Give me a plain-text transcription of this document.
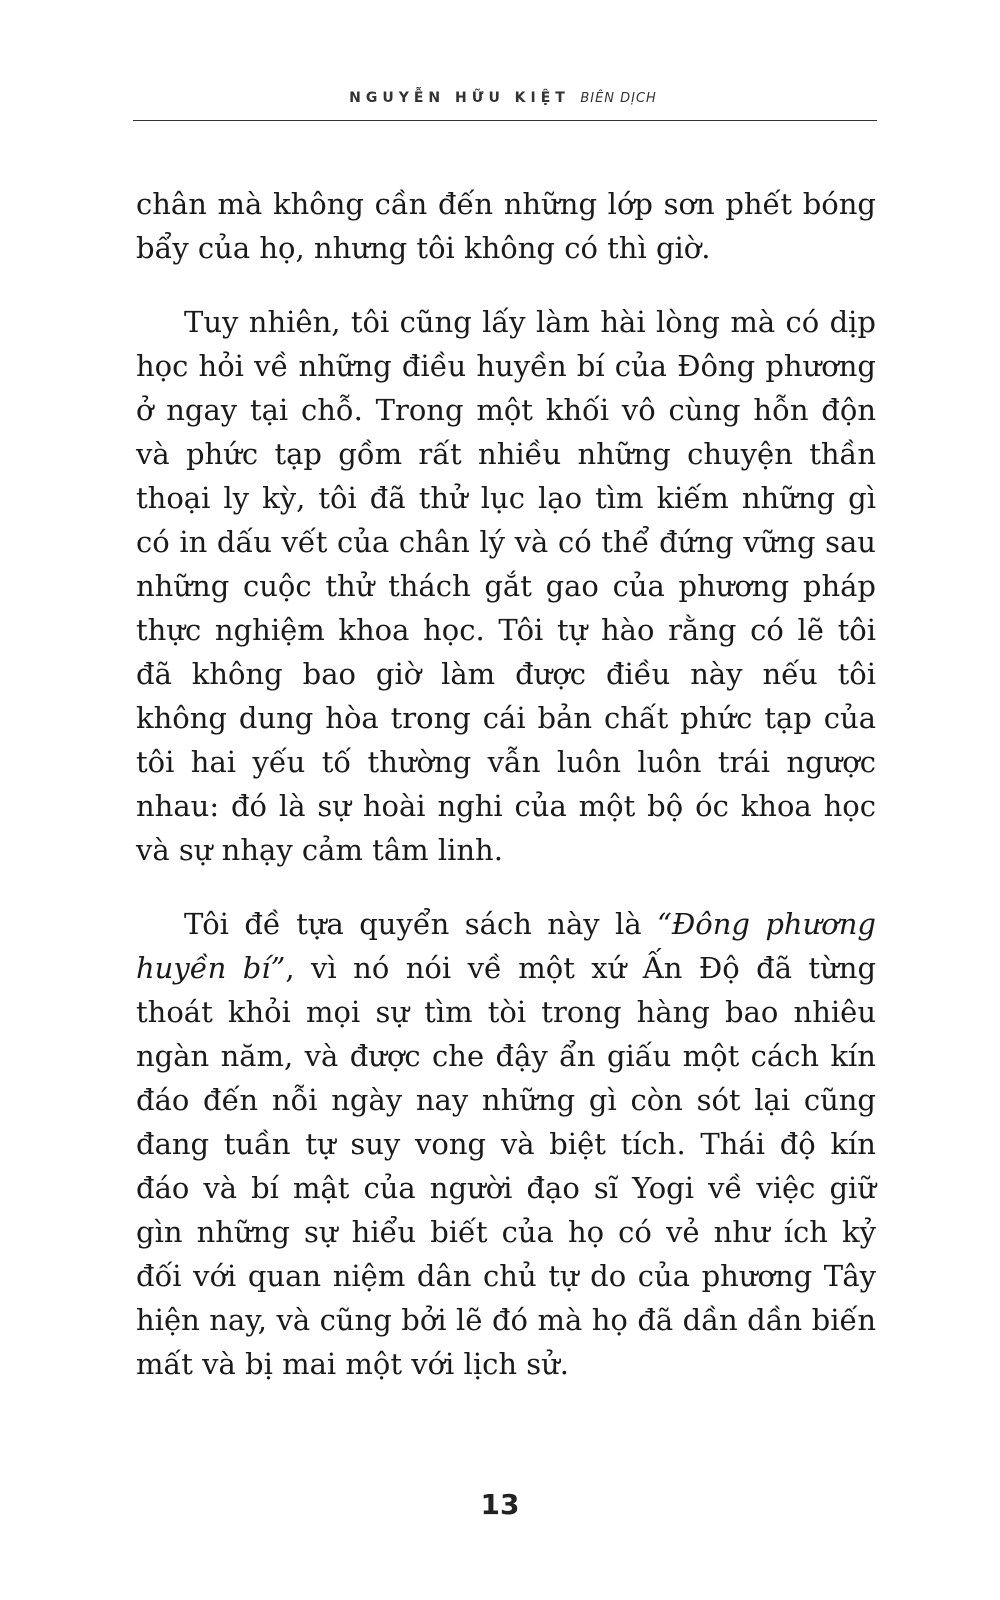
NGUYỄN HỮU KIỆT BIÊN DỊCH

chân mà không cần đến những lớp sơn phết bóng bẩy của họ, nhưng tôi không có thì giờ.

Tuy nhiên, tôi cũng lấy làm hài lòng mà có dịp học hỏi về những điều huyền bí của Đông phương ở ngay tại chỗ. Trong một khối vô cùng hỗn độn và phức tạp gồm rất nhiều những chuyện thần thoại ly kỳ, tôi đã thử lục lạo tìm kiếm những gì có in dấu vết của chân lý và có thể đứng vững sau những cuộc thử thách gắt gao của phương pháp thực nghiệm khoa học. Tôi tự hào rằng có lẽ tôi đã không bao giờ làm được điều này nếu tôi không dung hòa trong cái bản chất phức tạp của tôi hai yếu tố thường vẫn luôn luôn trái ngược nhau: đó là sự hoài nghi của một bộ óc khoa học và sự nhạy cảm tâm linh.

Tôi đề tựa quyển sách này là “Đông phương huyền bí”, vì nó nói về một xứ Ấn Độ đã từng thoát khỏi mọi sự tìm tòi trong hàng bao nhiêu ngàn năm, và được che đậy ẩn giấu một cách kín đáo đến nỗi ngày nay những gì còn sót lại cũng đang tuần tự suy vong và biệt tích. Thái độ kín đáo và bí mật của người đạo sĩ Yogi về việc giữ gìn những sự hiểu biết của họ có vẻ như ích kỷ đối với quan niệm dân chủ tự do của phương Tây hiện nay, và cũng bởi lẽ đó mà họ đã dần dần biến mất và bị mai một với lịch sử.

13
